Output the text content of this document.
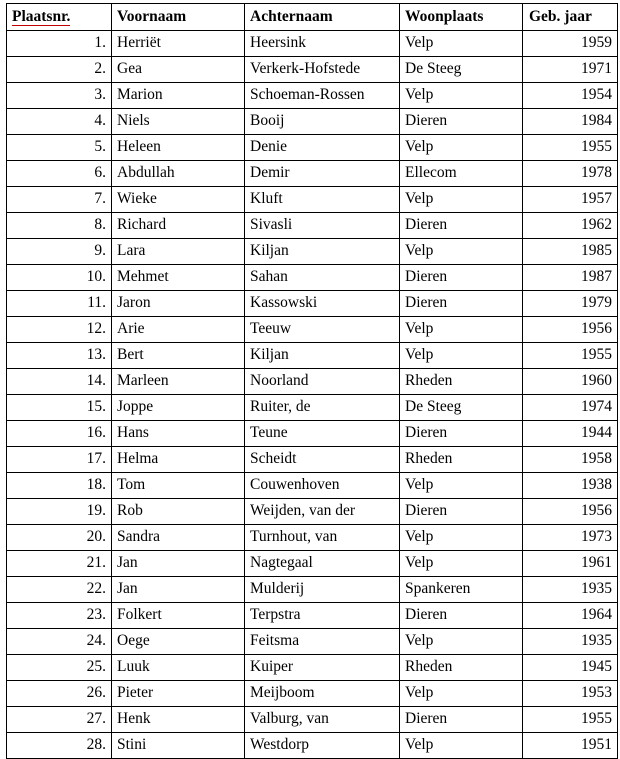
Plaatsnr.	Voornaam	Achternaam	Woonplaats	Geb. jaar
1.	Herriët	Heersink	Velp	1959
2.	Gea	Verkerk-Hofstede	De Steeg	1971
3.	Marion	Schoeman-Rossen	Velp	1954
4.	Niels	Booij	Dieren	1984
5.	Heleen	Denie	Velp	1955
6.	Abdullah	Demir	Ellecom	1978
7.	Wieke	Kluft	Velp	1957
8.	Richard	Sivasli	Dieren	1962
9.	Lara	Kiljan	Velp	1985
10.	Mehmet	Sahan	Dieren	1987
11.	Jaron	Kassowski	Dieren	1979
12.	Arie	Teeuw	Velp	1956
13.	Bert	Kiljan	Velp	1955
14.	Marleen	Noorland	Rheden	1960
15.	Joppe	Ruiter, de	De Steeg	1974
16.	Hans	Teune	Dieren	1944
17.	Helma	Scheidt	Rheden	1958
18.	Tom	Couwenhoven	Velp	1938
19.	Rob	Weijden, van der	Dieren	1956
20.	Sandra	Turnhout, van	Velp	1973
21.	Jan	Nagtegaal	Velp	1961
22.	Jan	Mulderij	Spankeren	1935
23.	Folkert	Terpstra	Dieren	1964
24.	Oege	Feitsma	Velp	1935
25.	Luuk	Kuiper	Rheden	1945
26.	Pieter	Meijboom	Velp	1953
27.	Henk	Valburg, van	Dieren	1955
28.	Stini	Westdorp	Velp	1951
